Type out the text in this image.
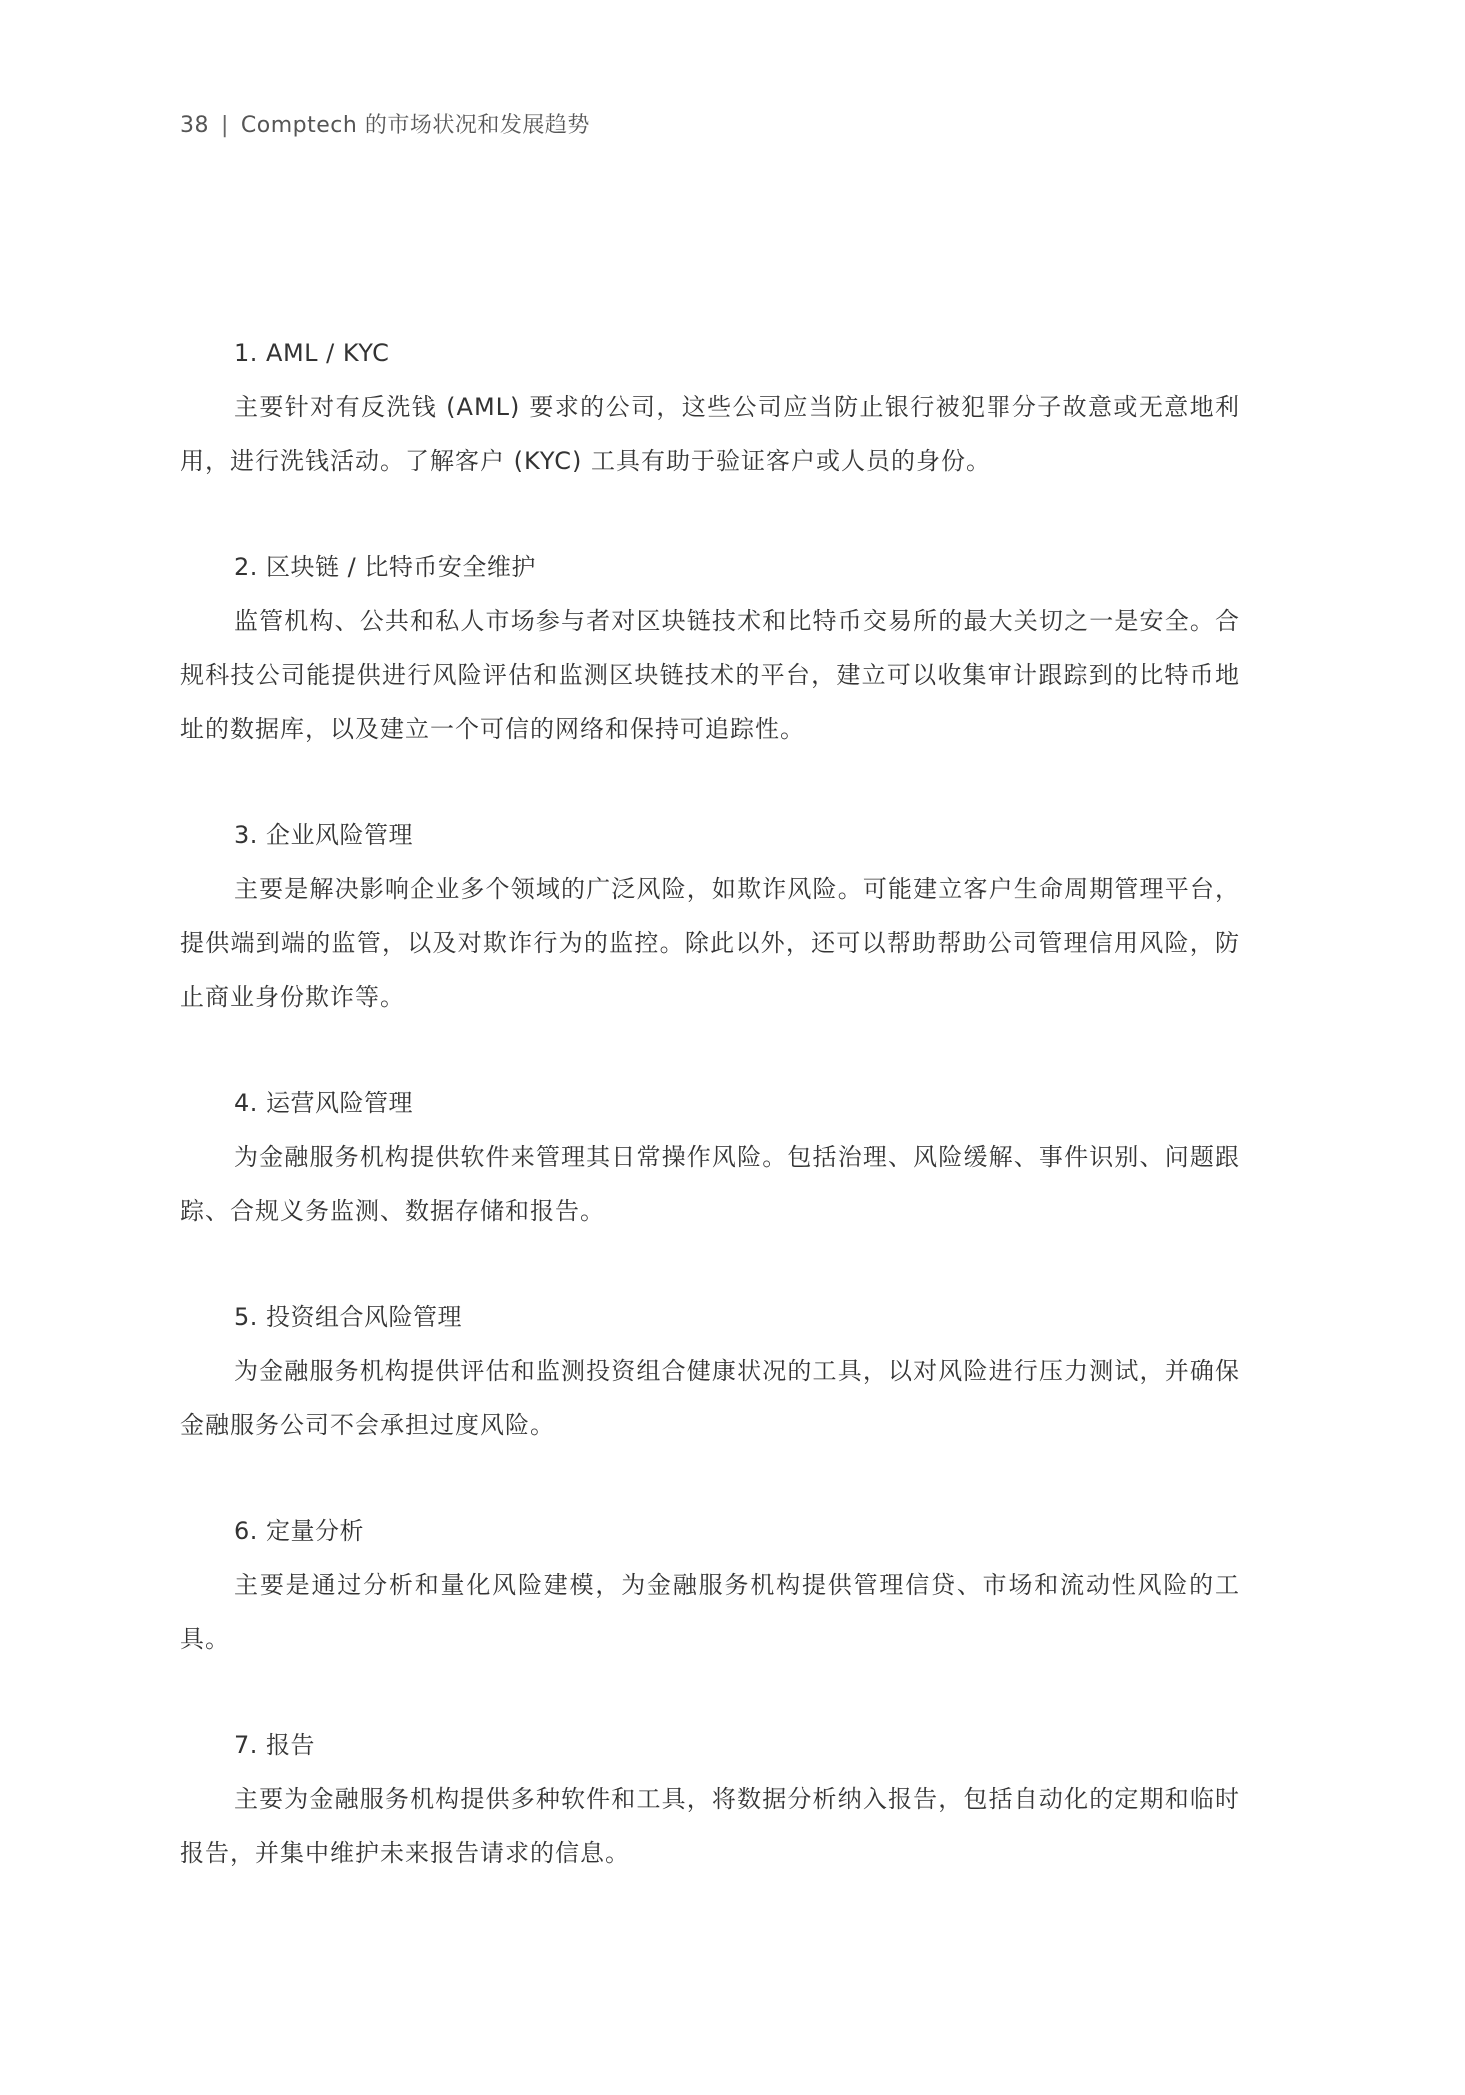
38 | Comptech 的市场状况和发展趋势
1. AML / KYC

主要针对有反洗钱 (AML) 要求的公司，这些公司应当防止银行被犯罪分子故意或无意地利用，进行洗钱活动。了解客户 (KYC) 工具有助于验证客户或人员的身份。

2. 区块链 / 比特币安全维护

监管机构、公共和私人市场参与者对区块链技术和比特币交易所的最大关切之一是安全。合规科技公司能提供进行风险评估和监测区块链技术的平台，建立可以收集审计跟踪到的比特币地址的数据库，以及建立一个可信的网络和保持可追踪性。

3. 企业风险管理

主要是解决影响企业多个领域的广泛风险，如欺诈风险。可能建立客户生命周期管理平台，提供端到端的监管，以及对欺诈行为的监控。除此以外，还可以帮助帮助公司管理信用风险，防止商业身份欺诈等。

4. 运营风险管理

为金融服务机构提供软件来管理其日常操作风险。包括治理、风险缓解、事件识别、问题跟踪、合规义务监测、数据存储和报告。

5. 投资组合风险管理

为金融服务机构提供评估和监测投资组合健康状况的工具，以对风险进行压力测试，并确保金融服务公司不会承担过度风险。

6. 定量分析

主要是通过分析和量化风险建模，为金融服务机构提供管理信贷、市场和流动性风险的工具。

7. 报告

主要为金融服务机构提供多种软件和工具，将数据分析纳入报告，包括自动化的定期和临时报告，并集中维护未来报告请求的信息。
